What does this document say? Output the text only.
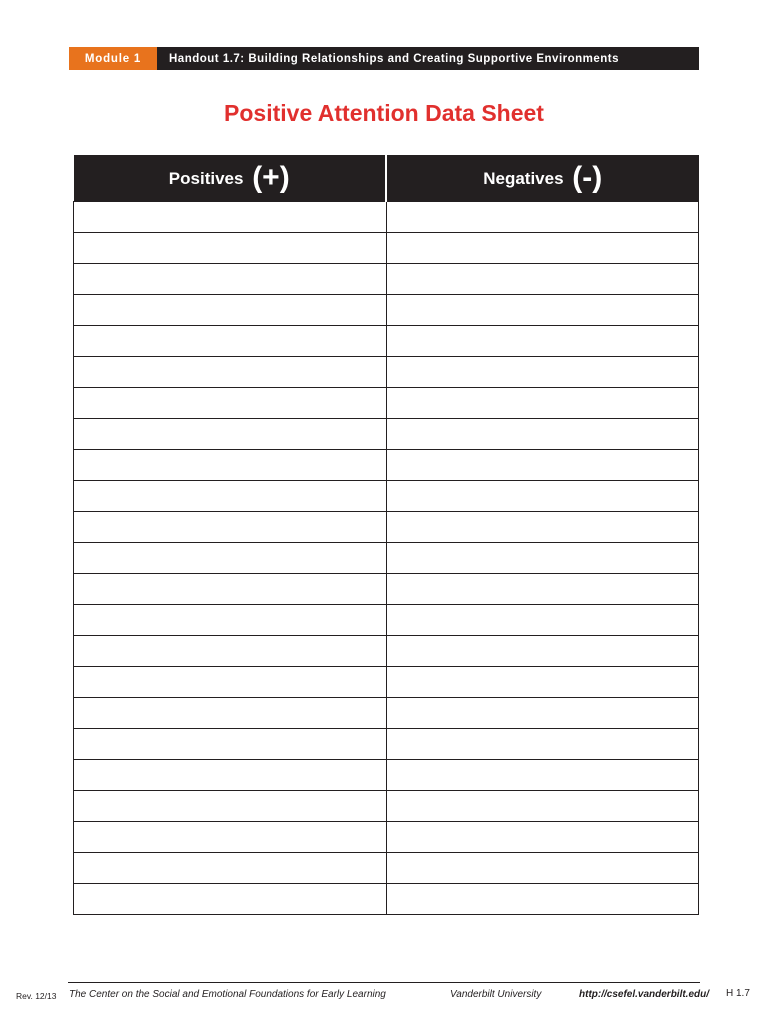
Module 1	Handout 1.7: Building Relationships and Creating Supportive Environments
Positive Attention Data Sheet
Positives (+)	Negatives (-)

Rev. 12/13 The Center on the Social and Emotional Foundations for Early Learning	Vanderbilt University	http://csefel.vanderbilt.edu/ H 1.7
